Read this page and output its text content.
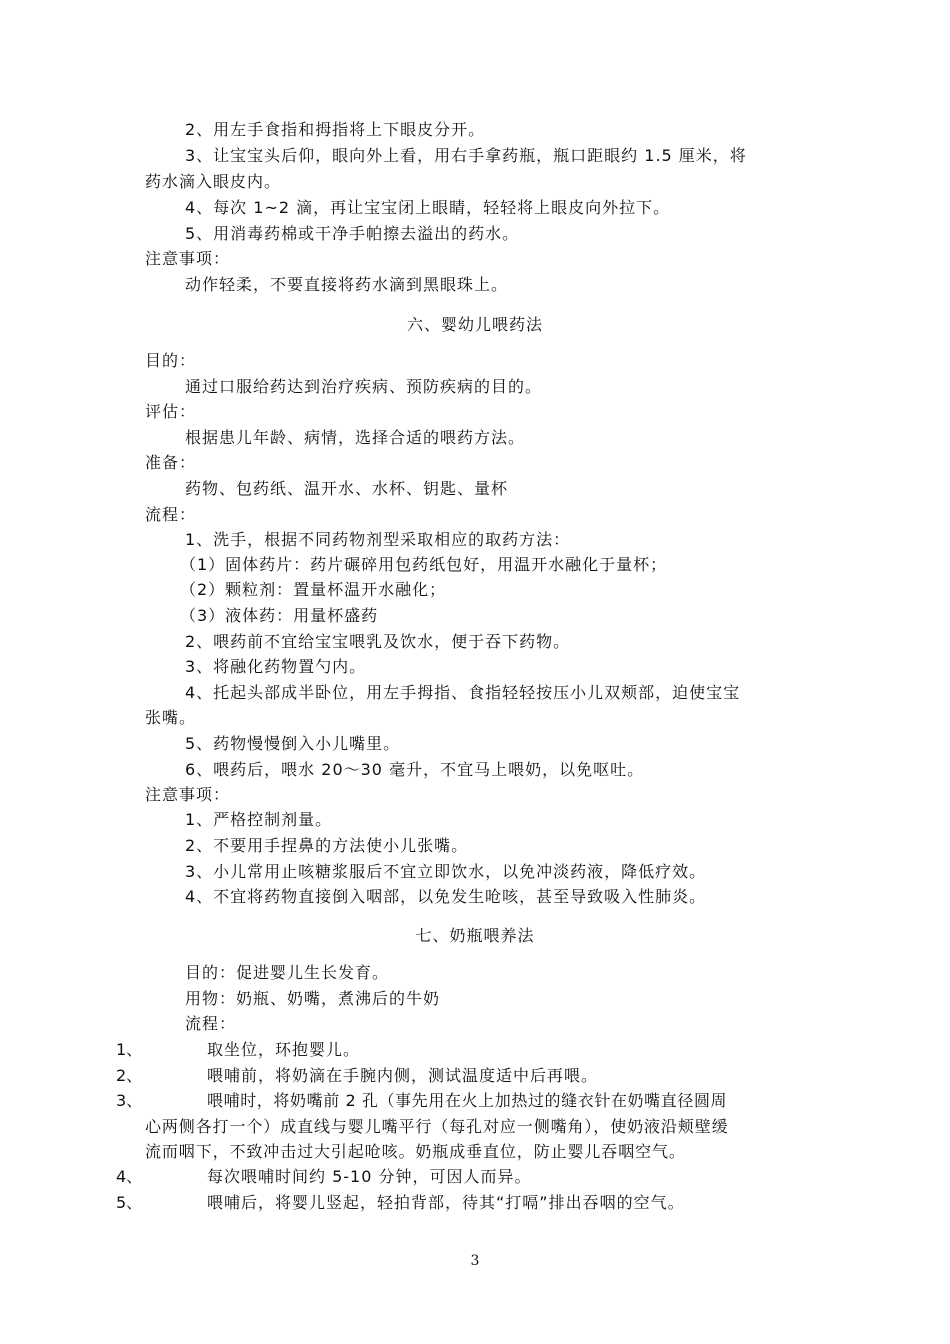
2、用左手食指和拇指将上下眼皮分开。
3、让宝宝头后仰，眼向外上看，用右手拿药瓶，瓶口距眼约 1.5 厘米，将
药水滴入眼皮内。
4、每次 1~2 滴，再让宝宝闭上眼睛，轻轻将上眼皮向外拉下。
5、用消毒药棉或干净手帕擦去溢出的药水。
注意事项：
动作轻柔，不要直接将药水滴到黑眼珠上。
六、婴幼儿喂药法
目的：
通过口服给药达到治疗疾病、预防疾病的目的。
评估：
根据患儿年龄、病情，选择合适的喂药方法。
准备：
药物、包药纸、温开水、水杯、钥匙、量杯
流程：
1、洗手，根据不同药物剂型采取相应的取药方法：
（1）固体药片：药片碾碎用包药纸包好，用温开水融化于量杯；
（2）颗粒剂：置量杯温开水融化；
（3）液体药：用量杯盛药
2、喂药前不宜给宝宝喂乳及饮水，便于吞下药物。
3、将融化药物置勺内。
4、托起头部成半卧位，用左手拇指、食指轻轻按压小儿双颊部，迫使宝宝
张嘴。
5、药物慢慢倒入小儿嘴里。
6、喂药后，喂水 20～30 毫升，不宜马上喂奶，以免呕吐。
注意事项：
1、严格控制剂量。
2、不要用手捏鼻的方法使小儿张嘴。
3、小儿常用止咳糖浆服后不宜立即饮水，以免冲淡药液，降低疗效。
4、不宜将药物直接倒入咽部，以免发生呛咳，甚至导致吸入性肺炎。
七、奶瓶喂养法
目的：促进婴儿生长发育。
用物：奶瓶、奶嘴，煮沸后的牛奶
流程：
1、	取坐位，环抱婴儿。
2、	喂哺前，将奶滴在手腕内侧，测试温度适中后再喂。
3、	喂哺时，将奶嘴前 2 孔（事先用在火上加热过的缝衣针在奶嘴直径圆周
心两侧各打一个）成直线与婴儿嘴平行（每孔对应一侧嘴角），使奶液沿颊壁缓
流而咽下，不致冲击过大引起呛咳。奶瓶成垂直位，防止婴儿吞咽空气。
4、	每次喂哺时间约 5-10 分钟，可因人而异。
5、	喂哺后，将婴儿竖起，轻拍背部，待其“打嗝”排出吞咽的空气。
3
